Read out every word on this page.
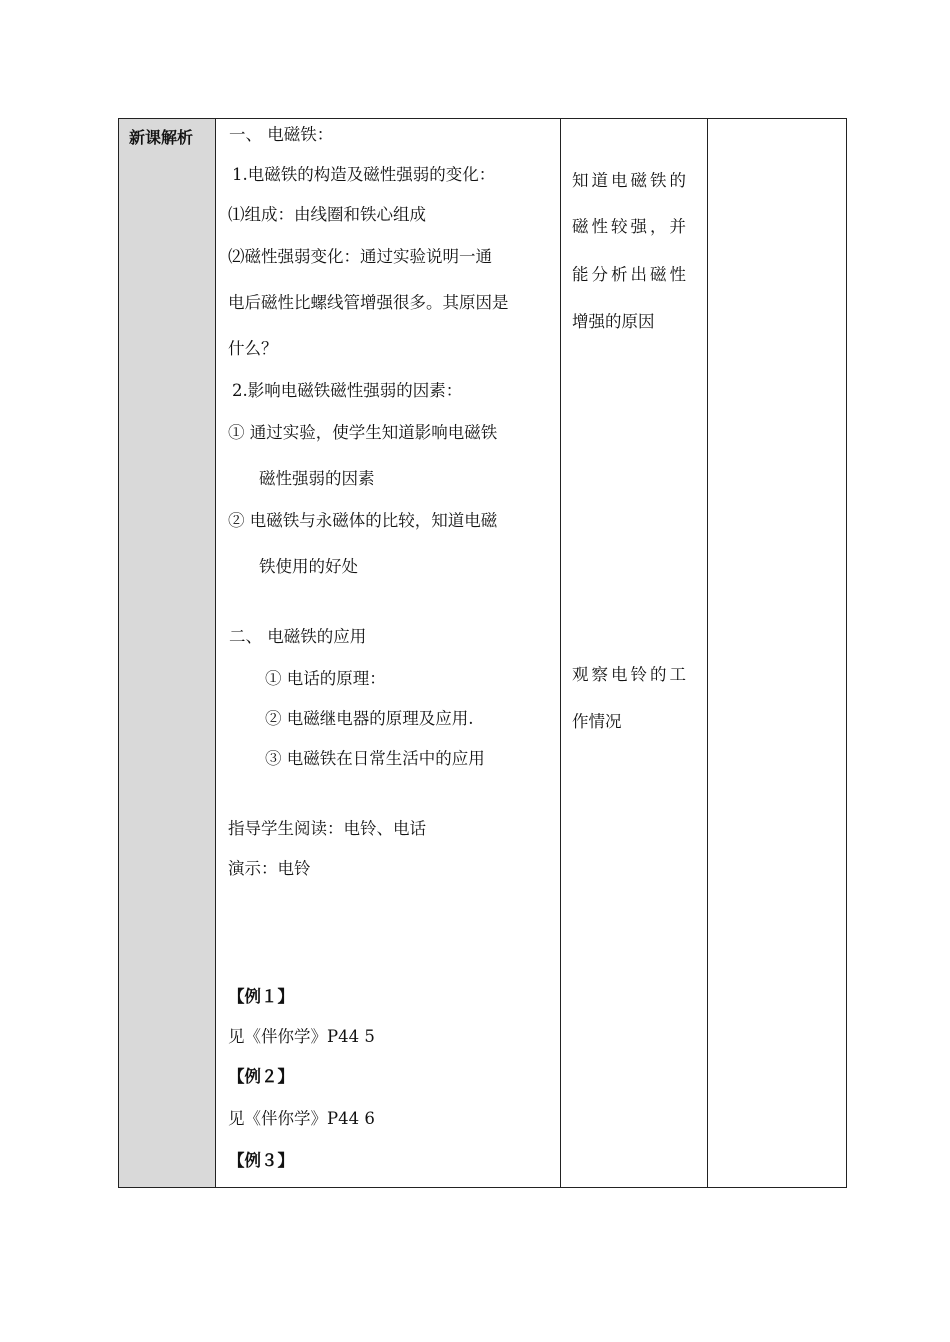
新课解析 一、 电磁铁：
1.电磁铁的构造及磁性强弱的变化：
⑴组成：由线圈和铁心组成
⑵磁性强弱变化：通过实验说明一通
电后磁性比螺线管增强很多。其原因是
什么？
2.影响电磁铁磁性强弱的因素：
① 通过实验，使学生知道影响电磁铁
磁性强弱的因素
② 电磁铁与永磁体的比较，知道电磁
铁使用的好处
二、 电磁铁的应用
① 电话的原理：
② 电磁继电器的原理及应用.
③ 电磁铁在日常生活中的应用
指导学生阅读：电铃、电话
演示：电铃
【例１】
见《伴你学》P44 5
【例２】
见《伴你学》P44 6
【例３】
知道电磁铁的
磁性较强，并
能分析出磁性
增强的原因
观察电铃的工
作情况
